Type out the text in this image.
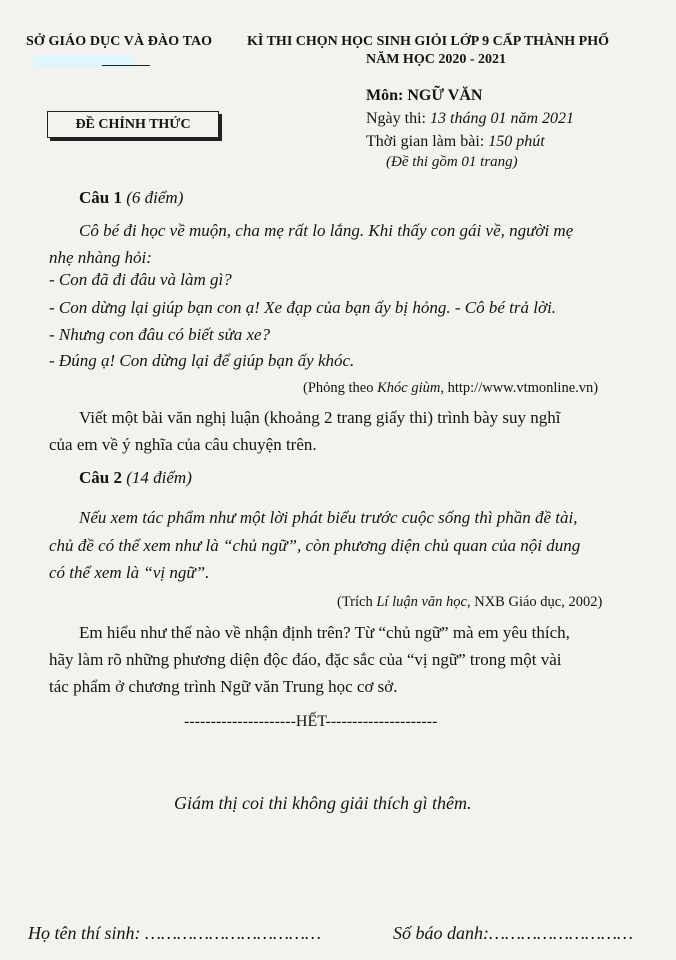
SỞ GIÁO DỤC VÀ ĐÀO TAO KÌ THI CHỌN HỌC SINH GIỎI LỚP 9 CẤP THÀNH PHỐ
NĂM HỌC 2020 - 2021
ĐỀ CHÍNH THỨC
Môn: NGỮ VĂN
Ngày thi: 13 tháng 01 năm 2021
Thời gian làm bài: 150 phút
(Đề thi gồm 01 trang)
Câu 1 (6 điểm)
Cô bé đi học về muộn, cha mẹ rất lo lắng. Khi thấy con gái về, người mẹ
nhẹ nhàng hỏi:
- Con đã đi đâu và làm gì?
- Con dừng lại giúp bạn con ạ! Xe đạp của bạn ấy bị hỏng. - Cô bé trả lời.
- Nhưng con đâu có biết sửa xe?
- Đúng ạ! Con dừng lại để giúp bạn ấy khóc.
(Phỏng theo Khóc giùm, http://www.vtmonline.vn)
Viết một bài văn nghị luận (khoảng 2 trang giấy thi) trình bày suy nghĩ
của em về ý nghĩa của câu chuyện trên.
Câu 2 (14 điểm)
Nếu xem tác phẩm như một lời phát biểu trước cuộc sống thì phần đề tài,
chủ đề có thể xem như là “chủ ngữ”, còn phương diện chủ quan của nội dung
có thể xem là “vị ngữ”.
(Trích Lí luận văn học, NXB Giáo dục, 2002)
Em hiểu như thế nào về nhận định trên? Từ “chủ ngữ” mà em yêu thích,
hãy làm rõ những phương diện độc đáo, đặc sắc của “vị ngữ” trong một vài
tác phẩm ở chương trình Ngữ văn Trung học cơ sở.
---------------------HẾT---------------------
Giám thị coi thi không giải thích gì thêm.
Họ tên thí sinh: ……………………………	Số báo danh:………………………
